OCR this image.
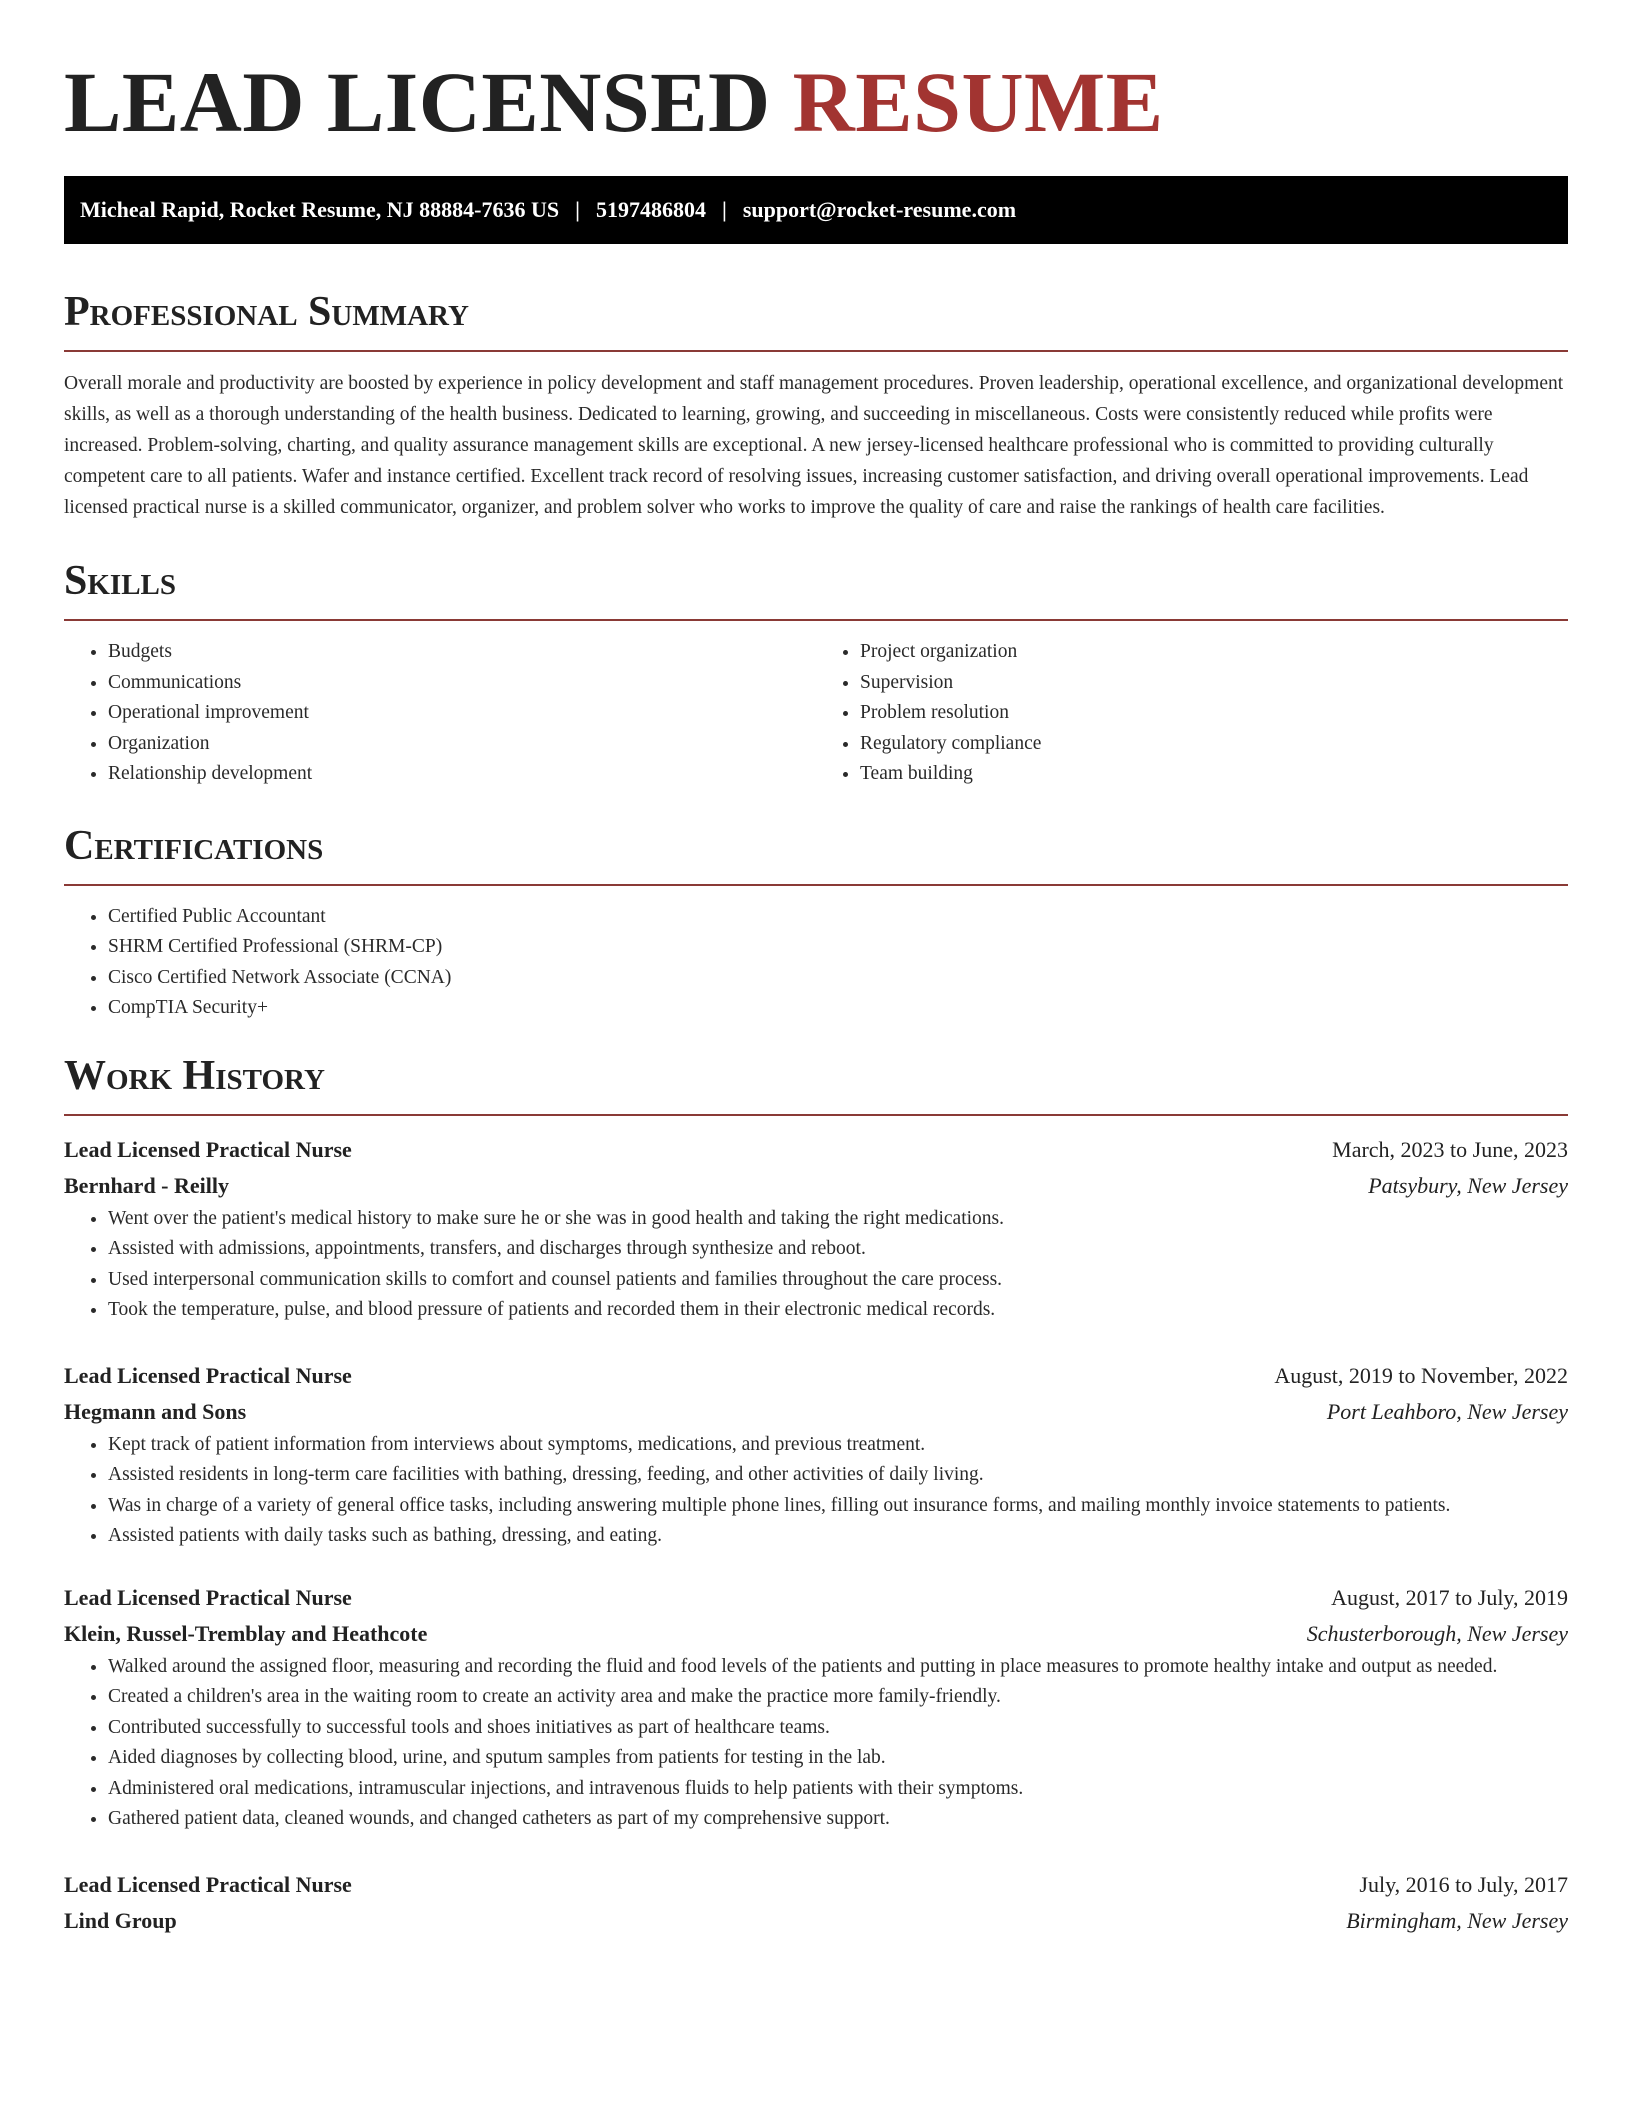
LEAD LICENSED RESUME
Micheal Rapid, Rocket Resume, NJ 88884-7636 US | 5197486804 | support@rocket-resume.com
Professional Summary

Overall morale and productivity are boosted by experience in policy development and staff management procedures. Proven leadership, operational excellence, and organizational development skills, as well as a thorough understanding of the health business. Dedicated to learning, growing, and succeeding in miscellaneous. Costs were consistently reduced while profits were increased. Problem-solving, charting, and quality assurance management skills are exceptional. A new jersey-licensed healthcare professional who is committed to providing culturally competent care to all patients. Wafer and instance certified. Excellent track record of resolving issues, increasing customer satisfaction, and driving overall operational improvements. Lead licensed practical nurse is a skilled communicator, organizer, and problem solver who works to improve the quality of care and raise the rankings of health care facilities.

Skills
• Budgets
• Communications
• Operational improvement
• Organization
• Relationship development
• Project organization
• Supervision
• Problem resolution
• Regulatory compliance
• Team building
Certifications
• Certified Public Accountant
• SHRM Certified Professional (SHRM-CP)
• Cisco Certified Network Associate (CCNA)
• CompTIA Security+
Work History
Lead Licensed Practical Nurse	March, 2023 to June, 2023
Bernhard - Reilly	Patsybury, New Jersey
• Went over the patient's medical history to make sure he or she was in good health and taking the right medications.
• Assisted with admissions, appointments, transfers, and discharges through synthesize and reboot.
• Used interpersonal communication skills to comfort and counsel patients and families throughout the care process.
• Took the temperature, pulse, and blood pressure of patients and recorded them in their electronic medical records.
Lead Licensed Practical Nurse	August, 2019 to November, 2022
Hegmann and Sons	Port Leahboro, New Jersey
• Kept track of patient information from interviews about symptoms, medications, and previous treatment.
• Assisted residents in long-term care facilities with bathing, dressing, feeding, and other activities of daily living.
• Was in charge of a variety of general office tasks, including answering multiple phone lines, filling out insurance forms, and mailing monthly invoice statements to patients.
• Assisted patients with daily tasks such as bathing, dressing, and eating.
Lead Licensed Practical Nurse	August, 2017 to July, 2019
Klein, Russel-Tremblay and Heathcote	Schusterborough, New Jersey
• Walked around the assigned floor, measuring and recording the fluid and food levels of the patients and putting in place measures to promote healthy intake and output as needed.
• Created a children's area in the waiting room to create an activity area and make the practice more family-friendly.
• Contributed successfully to successful tools and shoes initiatives as part of healthcare teams.
• Aided diagnoses by collecting blood, urine, and sputum samples from patients for testing in the lab.
• Administered oral medications, intramuscular injections, and intravenous fluids to help patients with their symptoms.
• Gathered patient data, cleaned wounds, and changed catheters as part of my comprehensive support.
Lead Licensed Practical Nurse	July, 2016 to July, 2017
Lind Group	Birmingham, New Jersey
